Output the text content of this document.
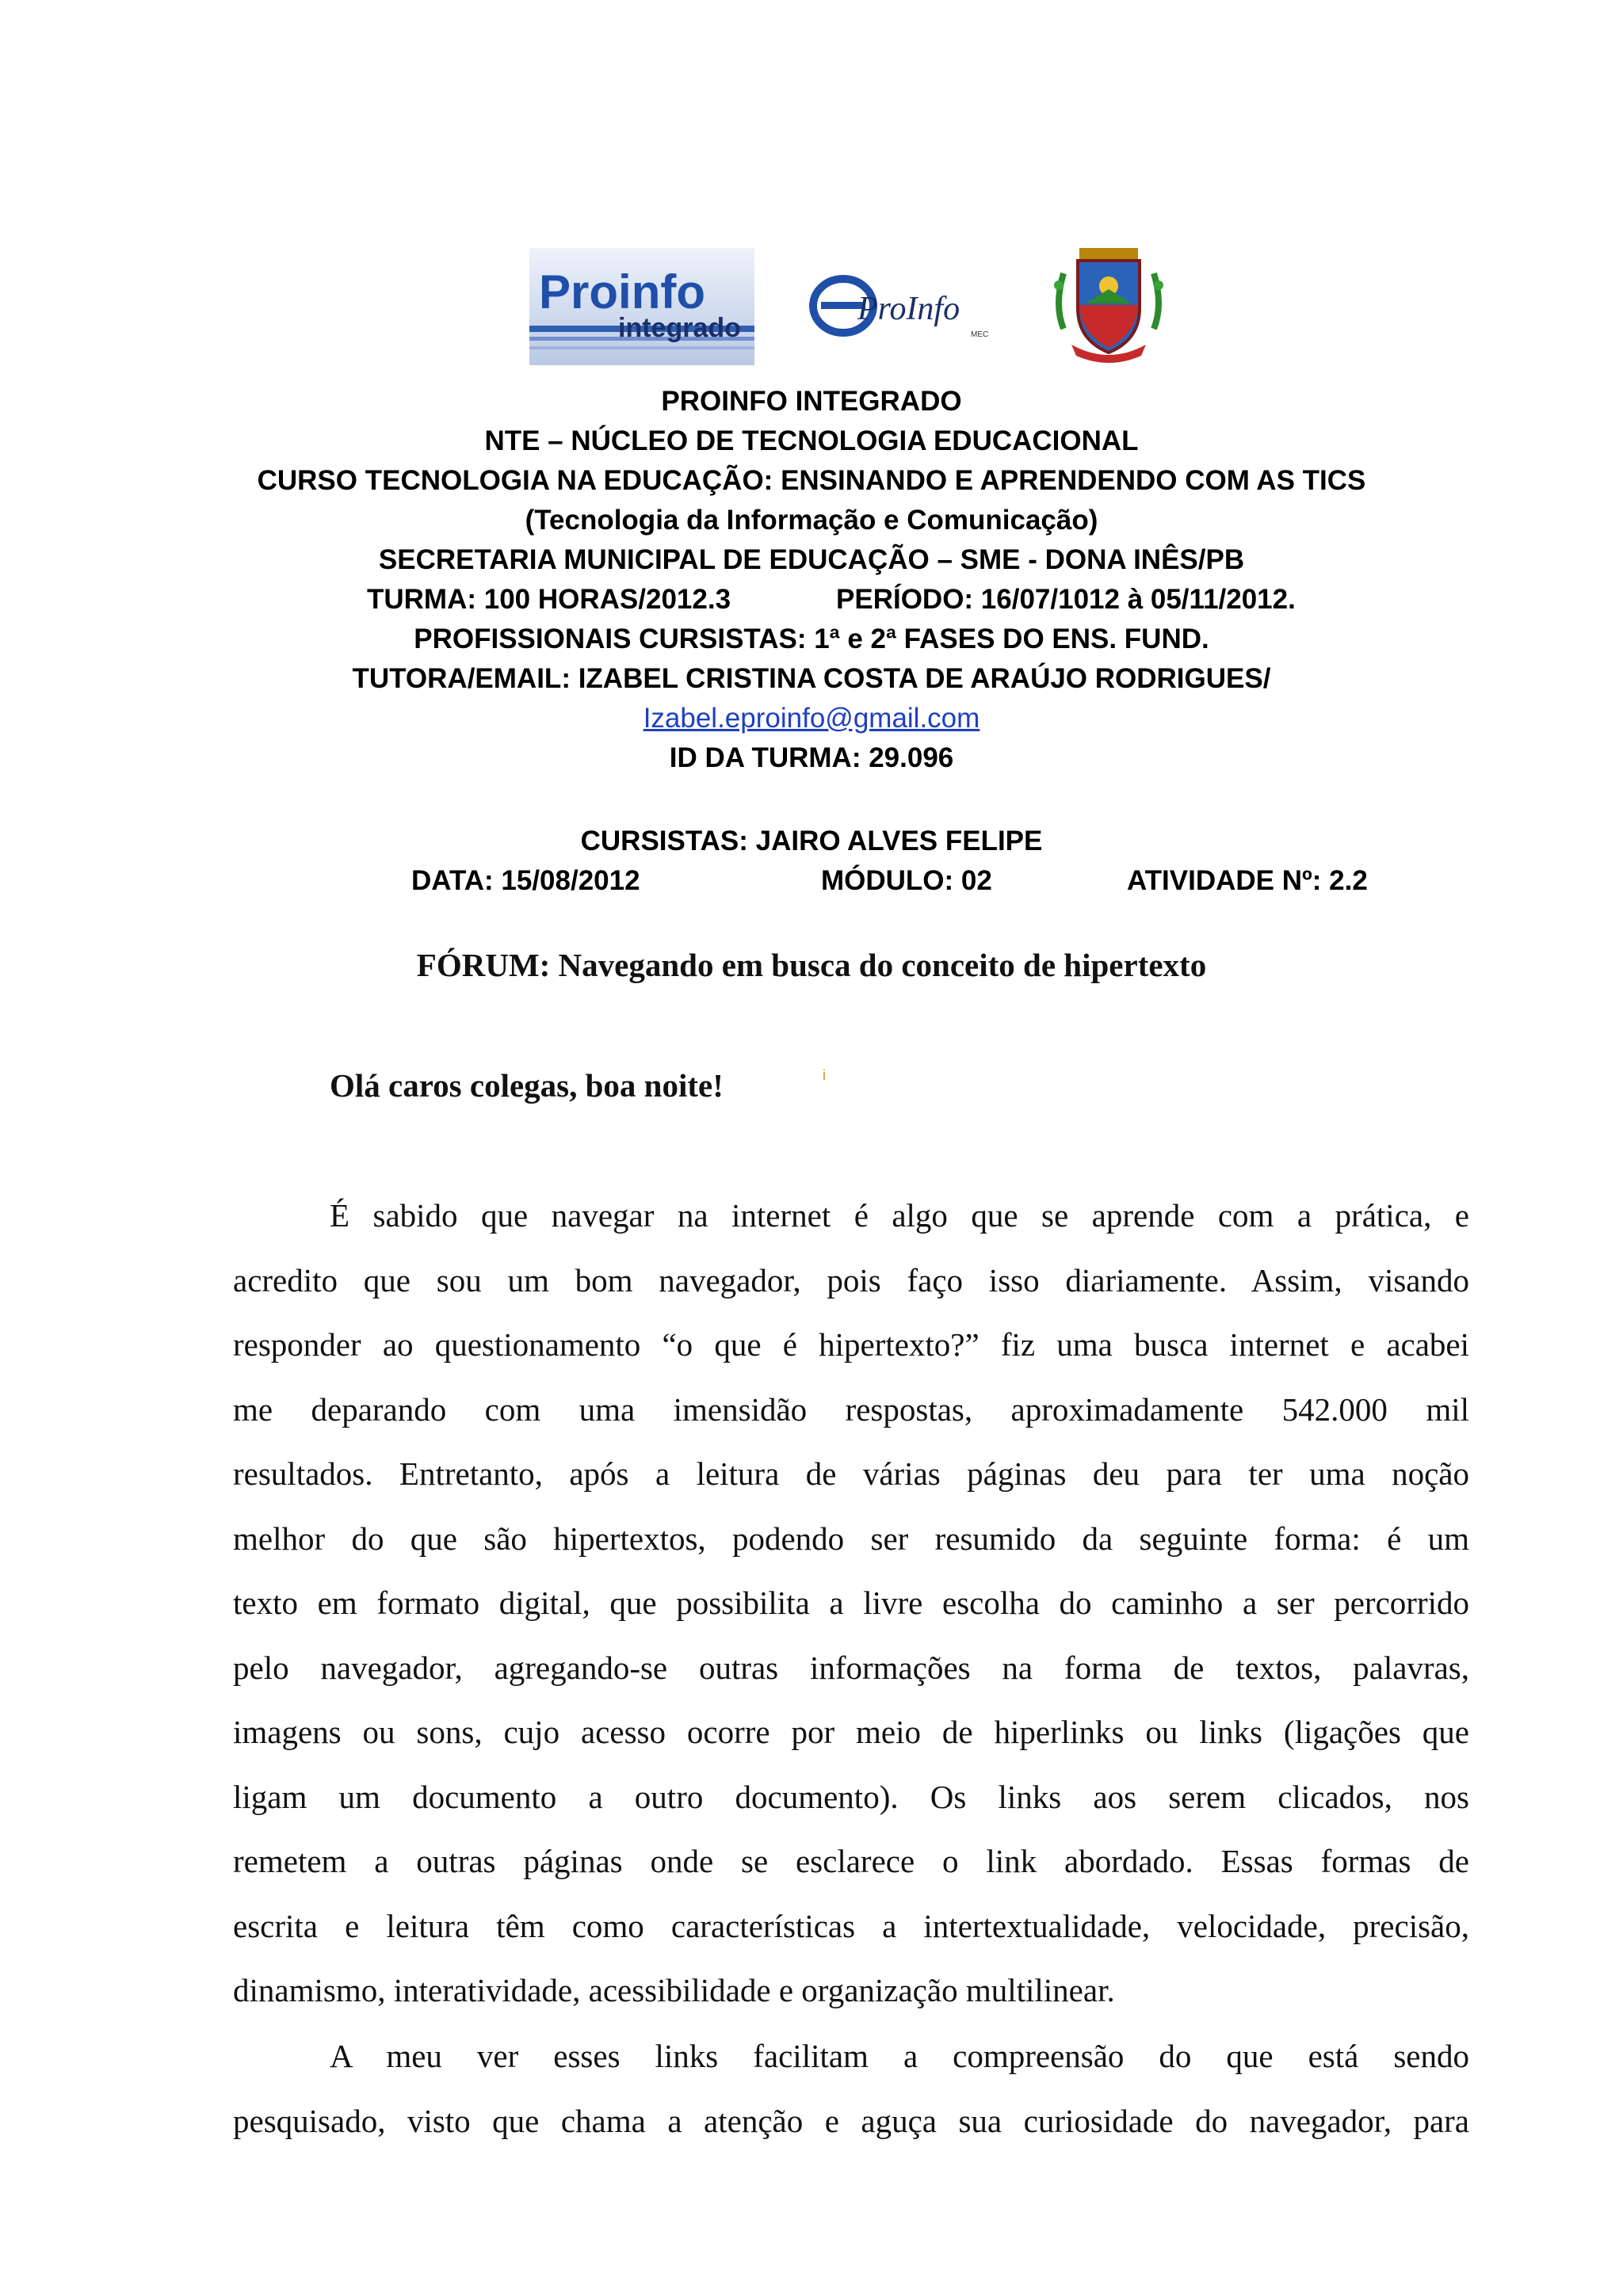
Proinfo
integrado
ProInfo
MEC
PROINFO INTEGRADO
NTE – NÚCLEO DE TECNOLOGIA EDUCACIONAL
CURSO TECNOLOGIA NA EDUCAÇÃO: ENSINANDO E APRENDENDO COM AS TICS
(Tecnologia da Informação e Comunicação)
SECRETARIA MUNICIPAL DE EDUCAÇÃO – SME - DONA INÊS/PB
TURMA: 100 HORAS/2012.3	PERÍODO: 16/07/1012 à 05/11/2012.
PROFISSIONAIS CURSISTAS: 1ª e 2ª FASES DO ENS. FUND.
TUTORA/EMAIL: IZABEL CRISTINA COSTA DE ARAÚJO RODRIGUES/
Izabel.eproinfo@gmail.com
ID DA TURMA: 29.096
CURSISTAS: JAIRO ALVES FELIPE
DATA: 15/08/2012	MÓDULO: 02	ATIVIDADE Nº: 2.2
FÓRUM: Navegando em busca do conceito de hipertexto
Olá caros colegas, boa noite!	i
É sabido que navegar na internet é algo que se aprende com a prática, e
acredito que sou um bom navegador, pois faço isso diariamente. Assim, visando
responder ao questionamento “o que é hipertexto?” fiz uma busca internet e acabei
me deparando com uma imensidão respostas, aproximadamente 542.000 mil
resultados. Entretanto, após a leitura de várias páginas deu para ter uma noção
melhor do que são hipertextos, podendo ser resumido da seguinte forma: é um
texto em formato digital, que possibilita a livre escolha do caminho a ser percorrido
pelo navegador, agregando-se outras informações na forma de textos, palavras,
imagens ou sons, cujo acesso ocorre por meio de hiperlinks ou links (ligações que
ligam um documento a outro documento). Os links aos serem clicados, nos
remetem a outras páginas onde se esclarece o link abordado. Essas formas de
escrita e leitura têm como características a intertextualidade, velocidade, precisão,
dinamismo, interatividade, acessibilidade e organização multilinear.
A meu ver esses links facilitam a compreensão do que está sendo
pesquisado, visto que chama a atenção e aguça sua curiosidade do navegador, para
